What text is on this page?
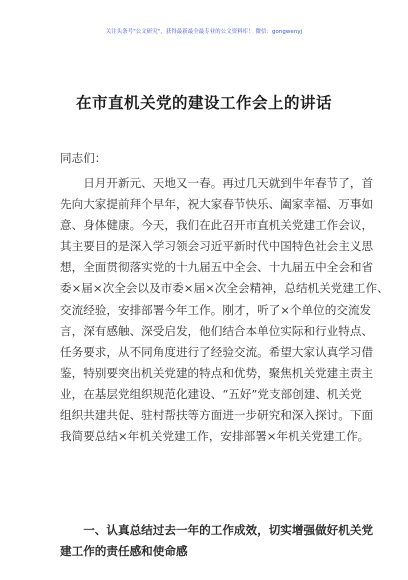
关注头条号"公文研究"，获得最新最全最专业的公文资料库！ 微信：gongwenyj
在市直机关党的建设工作会上的讲话
同志们：
　　日月开新元、天地又一春。再过几天就到牛年春节了，首
先向大家提前拜个早年，祝大家春节快乐、阖家幸福、万事如
意、身体健康。今天，我们在此召开市直机关党建工作会议，
其主要目的是深入学习领会习近平新时代中国特色社会主义思
想，全面贯彻落实党的十九届五中全会、十九届五中全会和省
委×届×次全会以及市委×届×次全会精神，总结机关党建工作、
交流经验，安排部署今年工作。刚才，听了×个单位的交流发
言，深有感触、深受启发，他们结合本单位实际和行业特点、
任务要求，从不同角度进行了经验交流。希望大家认真学习借
鉴，特别要突出机关党建的特点和优势，聚焦机关党建主责主
业，在基层党组织规范化建设、“五好”党支部创建、机关党
组织共建共促、驻村帮扶等方面进一步研究和深入探讨。下面
我简要总结×年机关党建工作，安排部署×年机关党建工作。
　　一、认真总结过去一年的工作成效，切实增强做好机关党
建工作的责任感和使命感
